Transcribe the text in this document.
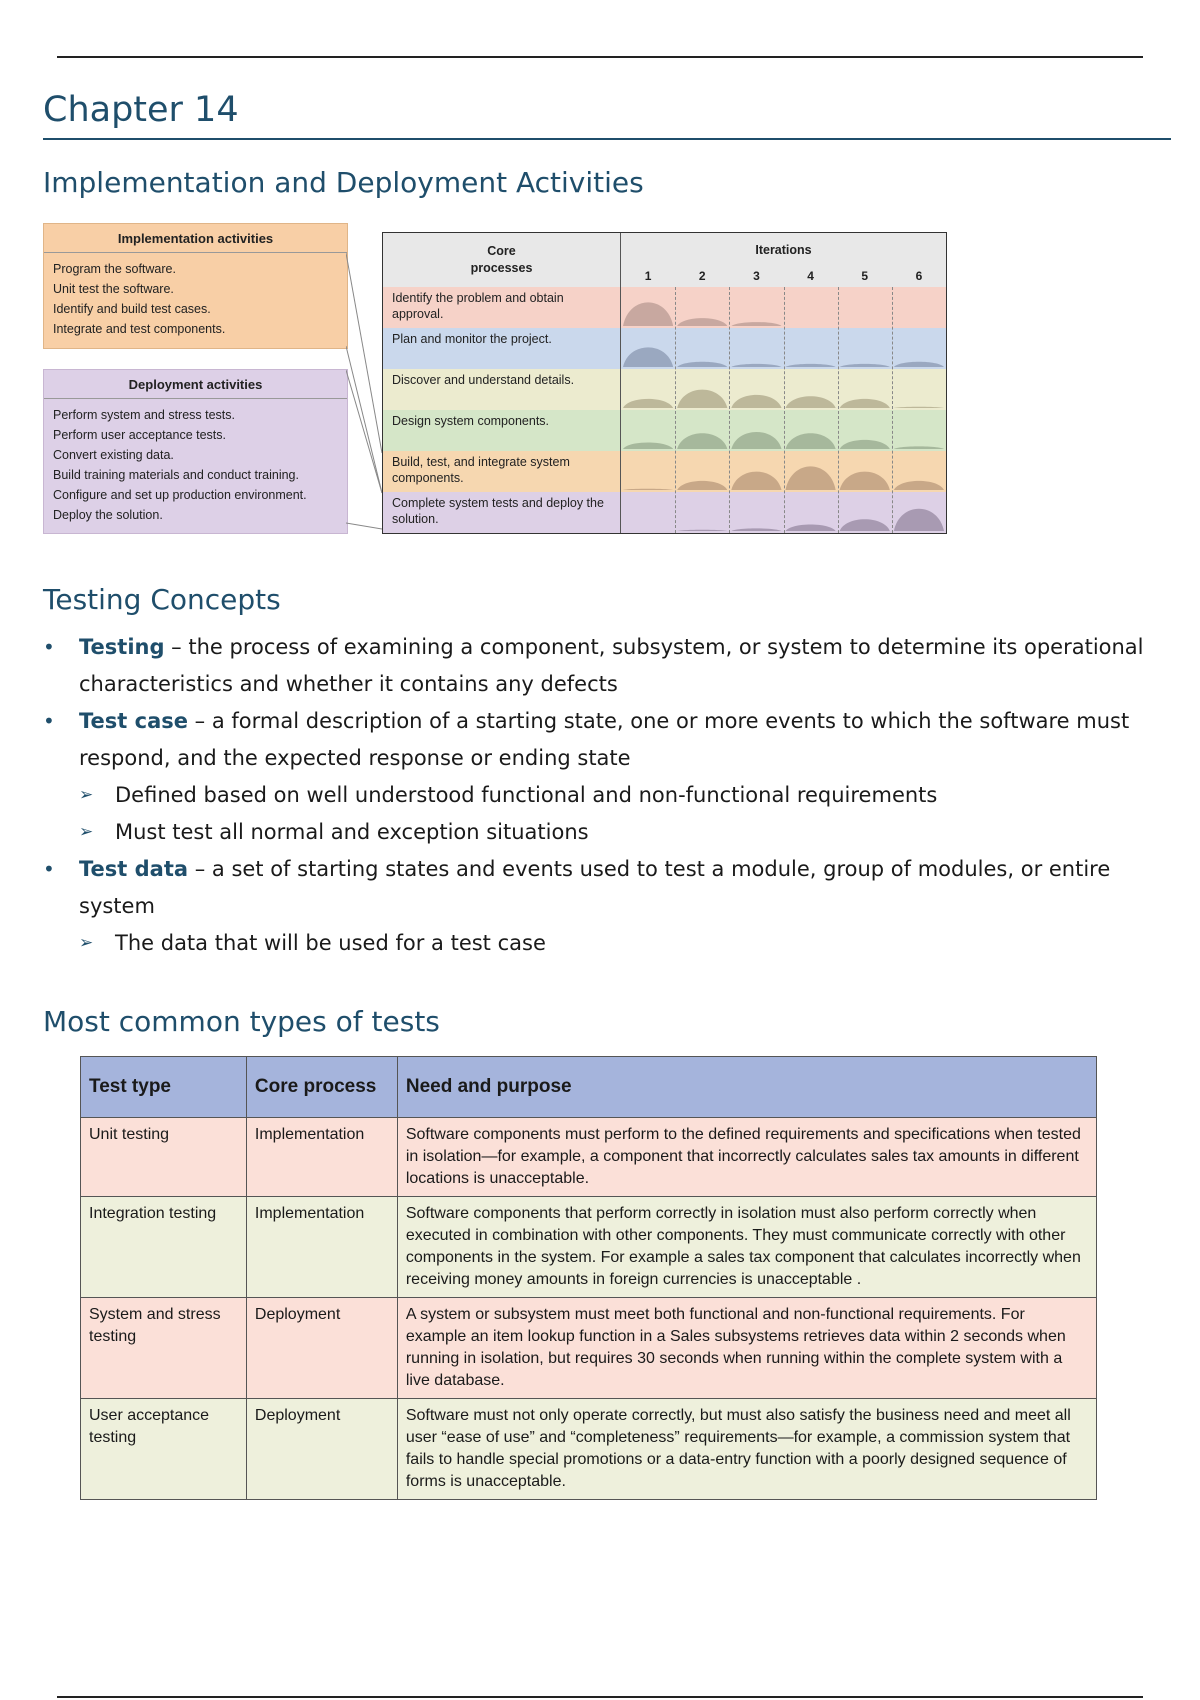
Chapter 14
Implementation and Deployment Activities
Implementation activities
Program the software.
Unit test the software.
Identify and build test cases.
Integrate and test components.
Deployment activities
Perform system and stress tests.
Perform user acceptance tests.
Convert existing data.
Build training materials and conduct training.
Configure and set up production environment.
Deploy the solution.
Core
processes
Iterations
Identify the problem and obtain approval.
Plan and monitor the project.
Discover and understand details.
Design system components.
Build, test, and integrate system components.
Complete system tests and deploy the solution.
1	2	3	4	5	6
Testing Concepts
• Testing – the process of examining a component, subsystem, or system to determine its operational characteristics and whether it contains any defects
• Test case – a formal description of a starting state, one or more events to which the software must respond, and the expected response or ending state
➢ Defined based on well understood functional and non-functional requirements
➢ Must test all normal and exception situations
• Test data – a set of starting states and events used to test a module, group of modules, or entire system
➢ The data that will be used for a test case
Most common types of tests
Test type	Core process	Need and purpose
Unit testing	Implementation	Software components must perform to the defined requirements and specifications when tested in isolation—for example, a component that incorrectly calculates sales tax amounts in different locations is unacceptable.
Integration testing	Implementation	Software components that perform correctly in isolation must also perform correctly when executed in combination with other components. They must communicate correctly with other components in the system. For example a sales tax component that calculates incorrectly when receiving money amounts in foreign currencies is unacceptable .
System and stress testing	Deployment	A system or subsystem must meet both functional and non-functional requirements. For example an item lookup function in a Sales subsystems retrieves data within 2 seconds when running in isolation, but requires 30 seconds when running within the complete system with a live database.
User acceptance testing	Deployment	Software must not only operate correctly, but must also satisfy the business need and meet all user “ease of use” and “completeness” requirements—for example, a commission system that fails to handle special promotions or a data-entry function with a poorly designed sequence of forms is unacceptable.
